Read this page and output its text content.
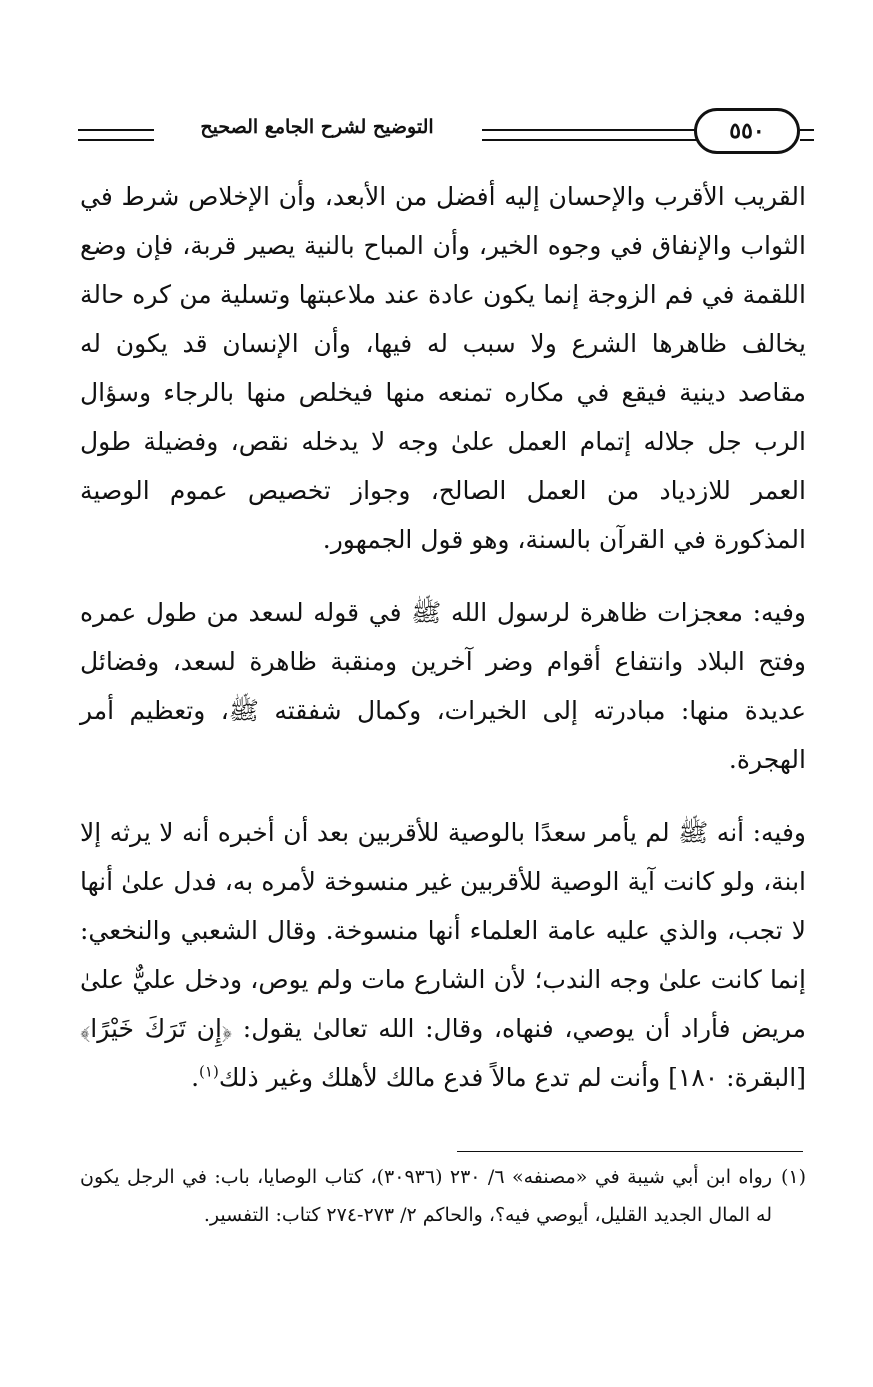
التوضيح لشرح الجامع الصحيح	٥٥٠

القريب الأقرب والإحسان إليه أفضل من الأبعد، وأن الإخلاص شرط في الثواب والإنفاق في وجوه الخير، وأن المباح بالنية يصير قربة، فإن وضع اللقمة في فم الزوجة إنما يكون عادة عند ملاعبتها وتسلية من كره حالة يخالف ظاهرها الشرع ولا سبب له فيها، وأن الإنسان قد يكون له مقاصد دينية فيقع في مكاره تمنعه منها فيخلص منها بالرجاء وسؤال الرب جل جلاله إتمام العمل علىٰ وجه لا يدخله نقص، وفضيلة طول العمر للازدياد من العمل الصالح، وجواز تخصيص عموم الوصية المذكورة في القرآن بالسنة، وهو قول الجمهور.

وفيه: معجزات ظاهرة لرسول الله ﷺ في قوله لسعد من طول عمره وفتح البلاد وانتفاع أقوام وضر آخرين ومنقبة ظاهرة لسعد، وفضائل عديدة منها: مبادرته إلى الخيرات، وكمال شفقته ﷺ، وتعظيم أمر الهجرة.

وفيه: أنه ﷺ لم يأمر سعدًا بالوصية للأقربين بعد أن أخبره أنه لا يرثه إلا ابنة، ولو كانت آية الوصية للأقربين غير منسوخة لأمره به، فدل علىٰ أنها لا تجب، والذي عليه عامة العلماء أنها منسوخة. وقال الشعبي والنخعي: إنما كانت علىٰ وجه الندب؛ لأن الشارع مات ولم يوص، ودخل عليٌّ علىٰ مريض فأراد أن يوصي، فنهاه، وقال: الله تعالىٰ يقول: ﴿إِن تَرَكَ خَيْرًا﴾ [البقرة: ١٨٠] وأنت لم تدع مالاً فدع مالك لأهلك وغير ذلك$^{(١)}$.

(١)
رواه ابن أبي شيبة في «مصنفه» ٦/ ٢٣٠ (٣٠٩٣٦)، كتاب الوصايا، باب: في الرجل يكون له المال الجديد القليل، أيوصي فيه؟، والحاكم ٢/ ٢٧٣-٢٧٤ كتاب: التفسير.
